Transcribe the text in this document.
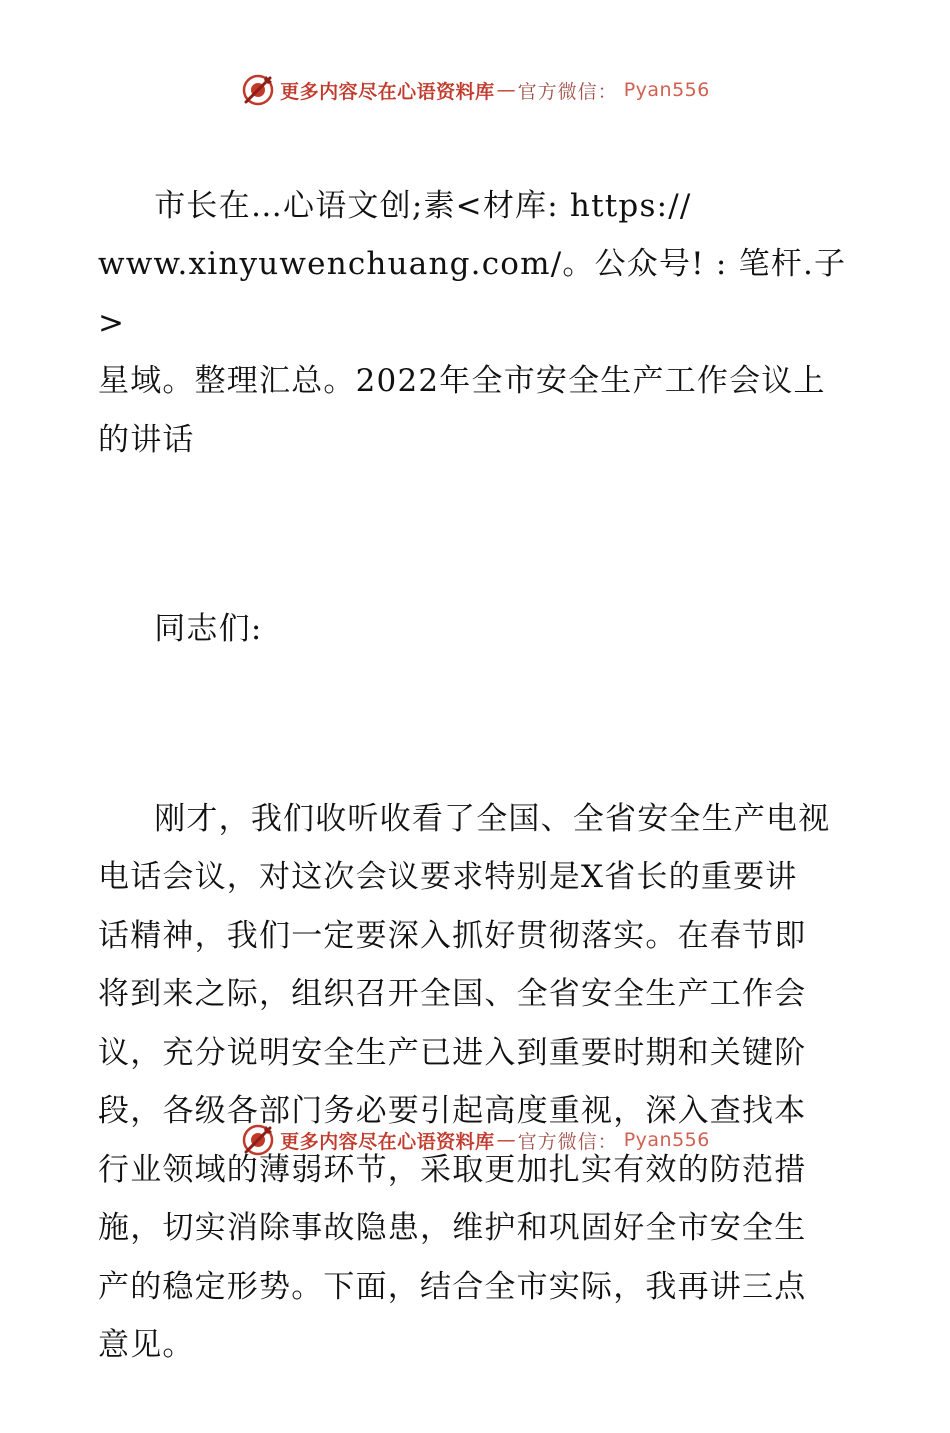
更多内容尽在心语资料库 — 官方微信： Pyan556

市长在…心语文创;素<材库: https://
www.xinyuwenchuang.com/。公众号! : 笔杆.子>
星域。整理汇总。2022年全市安全生产工作会议上
的讲话

同志们:

刚才，我们收听收看了全国、全省安全生产电视
电话会议，对这次会议要求特别是X省长的重要讲
话精神，我们一定要深入抓好贯彻落实。在春节即
将到来之际，组织召开全国、全省安全生产工作会
议，充分说明安全生产已进入到重要时期和关键阶
段，各级各部门务必要引起高度重视，深入查找本
行业领域的薄弱环节，采取更加扎实有效的防范措
施，切实消除事故隐患，维护和巩固好全市安全生
产的稳定形势。下面，结合全市实际，我再讲三点
意见。

更多内容尽在心语资料库 — 官方微信： Pyan556
